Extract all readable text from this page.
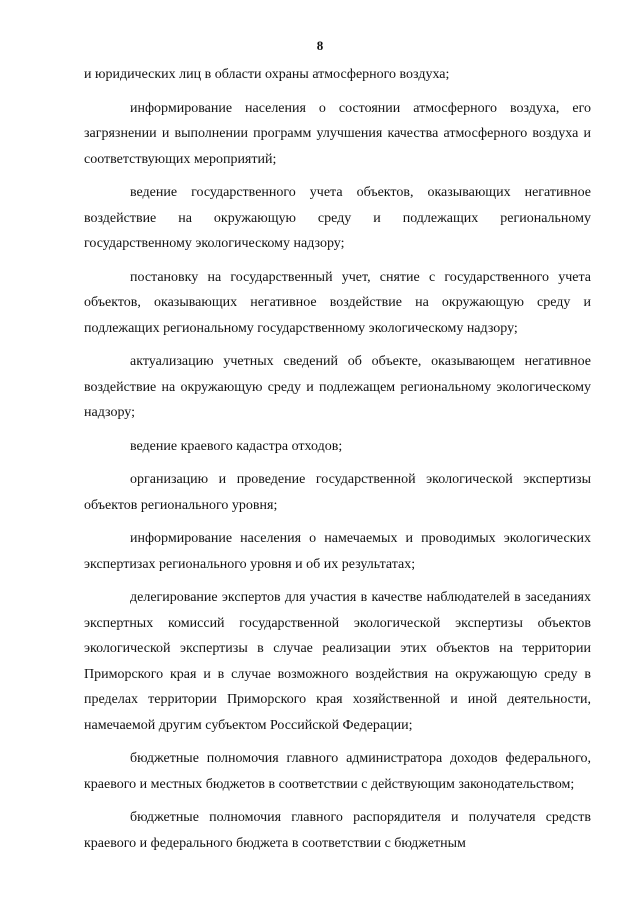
8

и юридических лиц в области охраны атмосферного воздуха;

информирование населения о состоянии атмосферного воздуха, его загрязнении и выполнении программ улучшения качества атмосферного воздуха и соответствующих мероприятий;

ведение государственного учета объектов, оказывающих негативное воздействие на окружающую среду и подлежащих региональному государственному экологическому надзору;

постановку на государственный учет, снятие с государственного учета объектов, оказывающих негативное воздействие на окружающую среду и подлежащих региональному государственному экологическому надзору;

актуализацию учетных сведений об объекте, оказывающем негативное воздействие на окружающую среду и подлежащем региональному экологическому надзору;

ведение краевого кадастра отходов;

организацию и проведение государственной экологической экспертизы объектов регионального уровня;

информирование населения о намечаемых и проводимых экологических экспертизах регионального уровня и об их результатах;

делегирование экспертов для участия в качестве наблюдателей в заседаниях экспертных комиссий государственной экологической экспертизы объектов экологической экспертизы в случае реализации этих объектов на территории Приморского края и в случае возможного воздействия на окружающую среду в пределах территории Приморского края хозяйственной и иной деятельности, намечаемой другим субъектом Российской Федерации;

бюджетные полномочия главного администратора доходов федерального, краевого и местных бюджетов в соответствии с действующим законодательством;

бюджетные полномочия главного распорядителя и получателя средств краевого и федерального бюджета в соответствии с бюджетным
